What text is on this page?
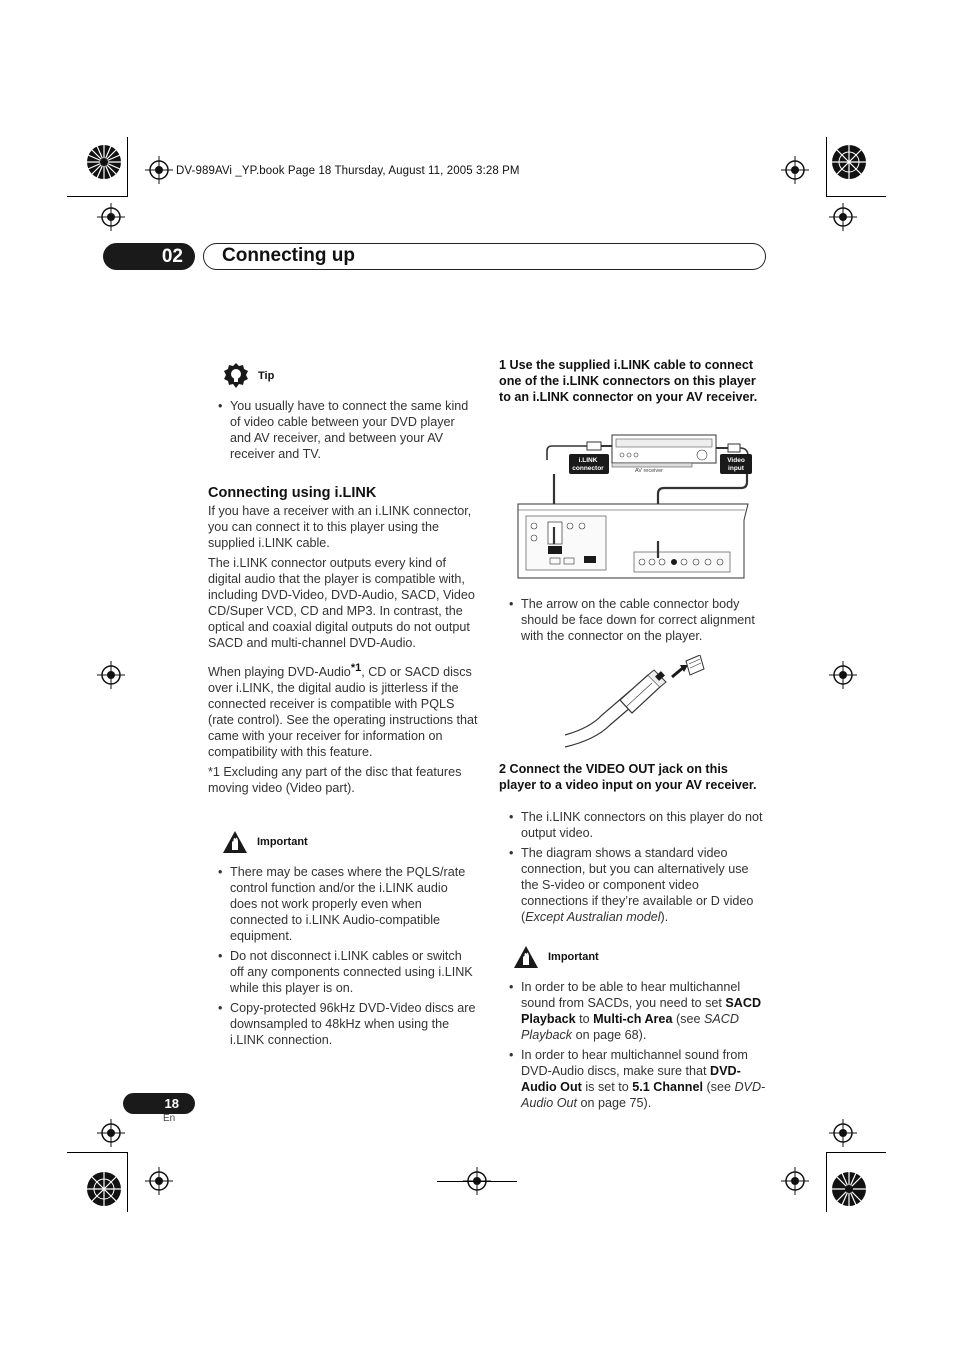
DV-989AVi _YP.book Page 18 Thursday, August 11, 2005 3:28 PM
02	Connecting up
Tip
• You usually have to connect the same kind of video cable between your DVD player and AV receiver, and between your AV receiver and TV.
Connecting using i.LINK

If you have a receiver with an i.LINK connector, you can connect it to this player using the supplied i.LINK cable.

The i.LINK connector outputs every kind of digital audio that the player is compatible with, including DVD-Video, DVD-Audio, SACD, Video CD/Super VCD, CD and MP3. In contrast, the optical and coaxial digital outputs do not output SACD and multi-channel DVD-Audio.

When playing DVD-Audio$^{*1}$, CD or SACD discs over i.LINK, the digital audio is jitterless if the connected receiver is compatible with PQLS (rate control). See the operating instructions that came with your receiver for information on compatibility with this feature.

*1 Excluding any part of the disc that features moving video (Video part).

Important
• There may be cases where the PQLS/rate control function and/or the i.LINK audio does not work properly even when connected to i.LINK Audio-compatible equipment.
• Do not disconnect i.LINK cables or switch off any components connected using i.LINK while this player is on.
• Copy-protected 96kHz DVD-Video discs are downsampled to 48kHz when using the i.LINK connection.
1 Use the supplied i.LINK cable to connect one of the i.LINK connectors on this player to an i.LINK connector on your AV receiver.
AV receiver
i.LINK connector
Video input
• The arrow on the cable connector body should be face down for correct alignment with the connector on the player.
2 Connect the VIDEO OUT jack on this player to a video input on your AV receiver.
• The i.LINK connectors on this player do not output video.
• The diagram shows a standard video connection, but you can alternatively use the S-video or component video connections if they’re available or D video (Except Australian model).
Important
• In order to be able to hear multichannel sound from SACDs, you need to set SACD Playback to Multi-ch Area (see SACD Playback on page 68).
• In order to hear multichannel sound from DVD-Audio discs, make sure that DVD-Audio Out is set to 5.1 Channel (see DVD-Audio Out on page 75).
18
En
